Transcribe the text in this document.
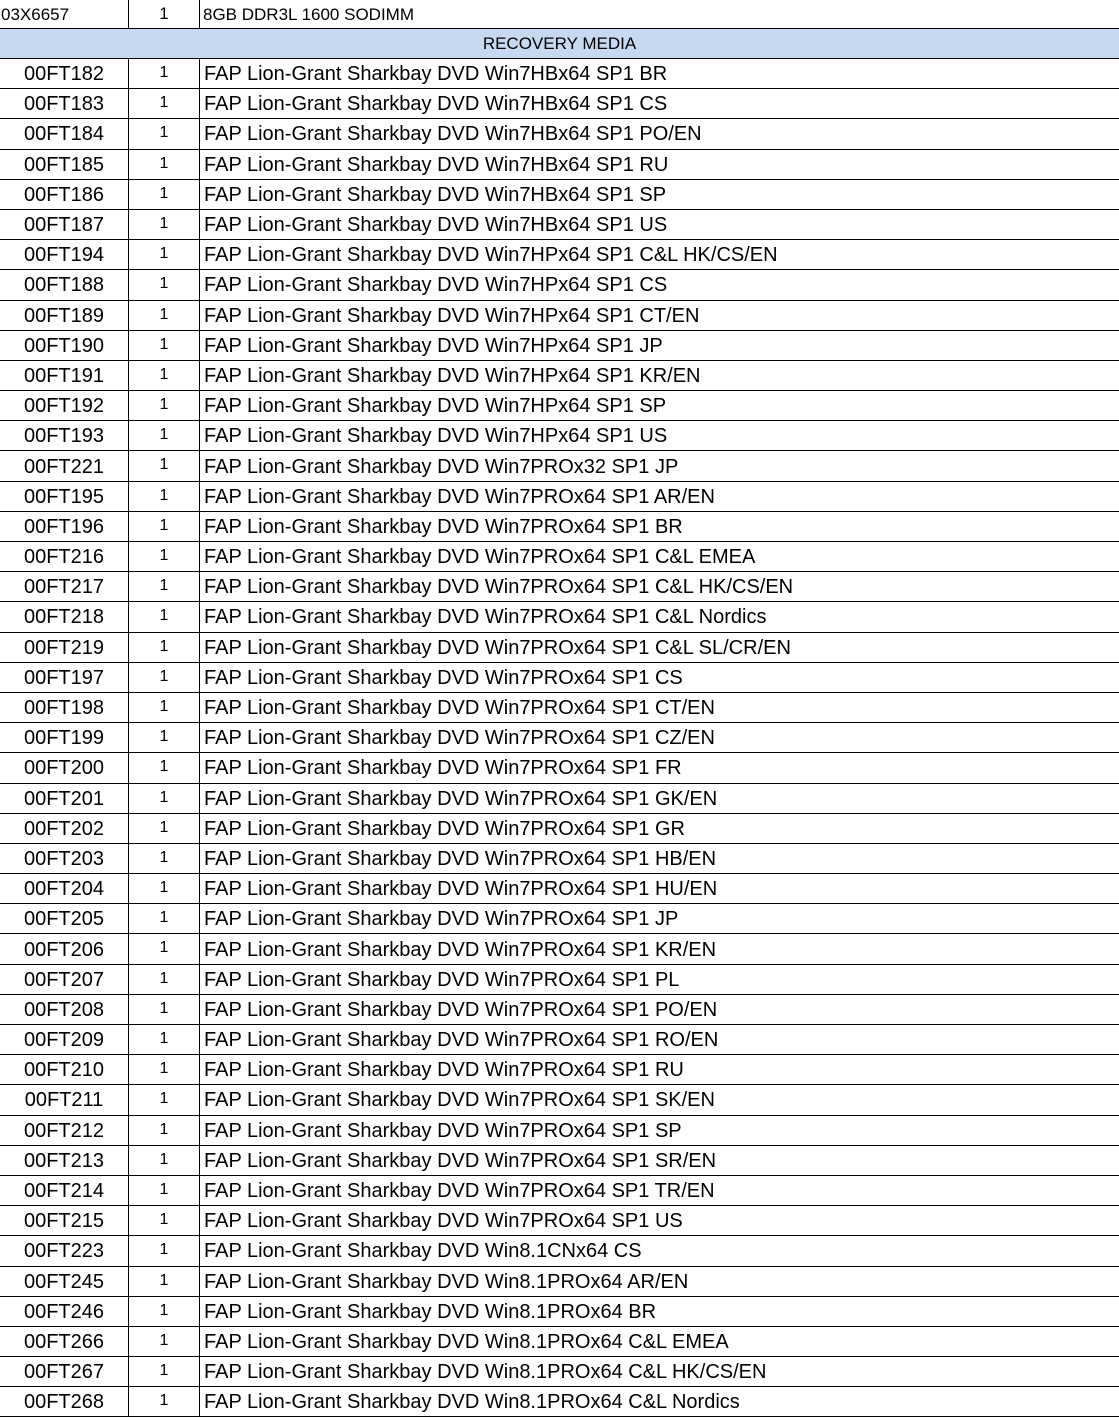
03X6657	1	8GB DDR3L 1600 SODIMM
RECOVERY MEDIA
00FT182	1	FAP Lion-Grant Sharkbay DVD Win7HBx64 SP1 BR
00FT183	1	FAP Lion-Grant Sharkbay DVD Win7HBx64 SP1 CS
00FT184	1	FAP Lion-Grant Sharkbay DVD Win7HBx64 SP1 PO/EN
00FT185	1	FAP Lion-Grant Sharkbay DVD Win7HBx64 SP1 RU
00FT186	1	FAP Lion-Grant Sharkbay DVD Win7HBx64 SP1 SP
00FT187	1	FAP Lion-Grant Sharkbay DVD Win7HBx64 SP1 US
00FT194	1	FAP Lion-Grant Sharkbay DVD Win7HPx64 SP1 C&L HK/CS/EN
00FT188	1	FAP Lion-Grant Sharkbay DVD Win7HPx64 SP1 CS
00FT189	1	FAP Lion-Grant Sharkbay DVD Win7HPx64 SP1 CT/EN
00FT190	1	FAP Lion-Grant Sharkbay DVD Win7HPx64 SP1 JP
00FT191	1	FAP Lion-Grant Sharkbay DVD Win7HPx64 SP1 KR/EN
00FT192	1	FAP Lion-Grant Sharkbay DVD Win7HPx64 SP1 SP
00FT193	1	FAP Lion-Grant Sharkbay DVD Win7HPx64 SP1 US
00FT221	1	FAP Lion-Grant Sharkbay DVD Win7PROx32 SP1 JP
00FT195	1	FAP Lion-Grant Sharkbay DVD Win7PROx64 SP1 AR/EN
00FT196	1	FAP Lion-Grant Sharkbay DVD Win7PROx64 SP1 BR
00FT216	1	FAP Lion-Grant Sharkbay DVD Win7PROx64 SP1 C&L EMEA
00FT217	1	FAP Lion-Grant Sharkbay DVD Win7PROx64 SP1 C&L HK/CS/EN
00FT218	1	FAP Lion-Grant Sharkbay DVD Win7PROx64 SP1 C&L Nordics
00FT219	1	FAP Lion-Grant Sharkbay DVD Win7PROx64 SP1 C&L SL/CR/EN
00FT197	1	FAP Lion-Grant Sharkbay DVD Win7PROx64 SP1 CS
00FT198	1	FAP Lion-Grant Sharkbay DVD Win7PROx64 SP1 CT/EN
00FT199	1	FAP Lion-Grant Sharkbay DVD Win7PROx64 SP1 CZ/EN
00FT200	1	FAP Lion-Grant Sharkbay DVD Win7PROx64 SP1 FR
00FT201	1	FAP Lion-Grant Sharkbay DVD Win7PROx64 SP1 GK/EN
00FT202	1	FAP Lion-Grant Sharkbay DVD Win7PROx64 SP1 GR
00FT203	1	FAP Lion-Grant Sharkbay DVD Win7PROx64 SP1 HB/EN
00FT204	1	FAP Lion-Grant Sharkbay DVD Win7PROx64 SP1 HU/EN
00FT205	1	FAP Lion-Grant Sharkbay DVD Win7PROx64 SP1 JP
00FT206	1	FAP Lion-Grant Sharkbay DVD Win7PROx64 SP1 KR/EN
00FT207	1	FAP Lion-Grant Sharkbay DVD Win7PROx64 SP1 PL
00FT208	1	FAP Lion-Grant Sharkbay DVD Win7PROx64 SP1 PO/EN
00FT209	1	FAP Lion-Grant Sharkbay DVD Win7PROx64 SP1 RO/EN
00FT210	1	FAP Lion-Grant Sharkbay DVD Win7PROx64 SP1 RU
00FT211	1	FAP Lion-Grant Sharkbay DVD Win7PROx64 SP1 SK/EN
00FT212	1	FAP Lion-Grant Sharkbay DVD Win7PROx64 SP1 SP
00FT213	1	FAP Lion-Grant Sharkbay DVD Win7PROx64 SP1 SR/EN
00FT214	1	FAP Lion-Grant Sharkbay DVD Win7PROx64 SP1 TR/EN
00FT215	1	FAP Lion-Grant Sharkbay DVD Win7PROx64 SP1 US
00FT223	1	FAP Lion-Grant Sharkbay DVD Win8.1CNx64 CS
00FT245	1	FAP Lion-Grant Sharkbay DVD Win8.1PROx64 AR/EN
00FT246	1	FAP Lion-Grant Sharkbay DVD Win8.1PROx64 BR
00FT266	1	FAP Lion-Grant Sharkbay DVD Win8.1PROx64 C&L EMEA
00FT267	1	FAP Lion-Grant Sharkbay DVD Win8.1PROx64 C&L HK/CS/EN
00FT268	1	FAP Lion-Grant Sharkbay DVD Win8.1PROx64 C&L Nordics
